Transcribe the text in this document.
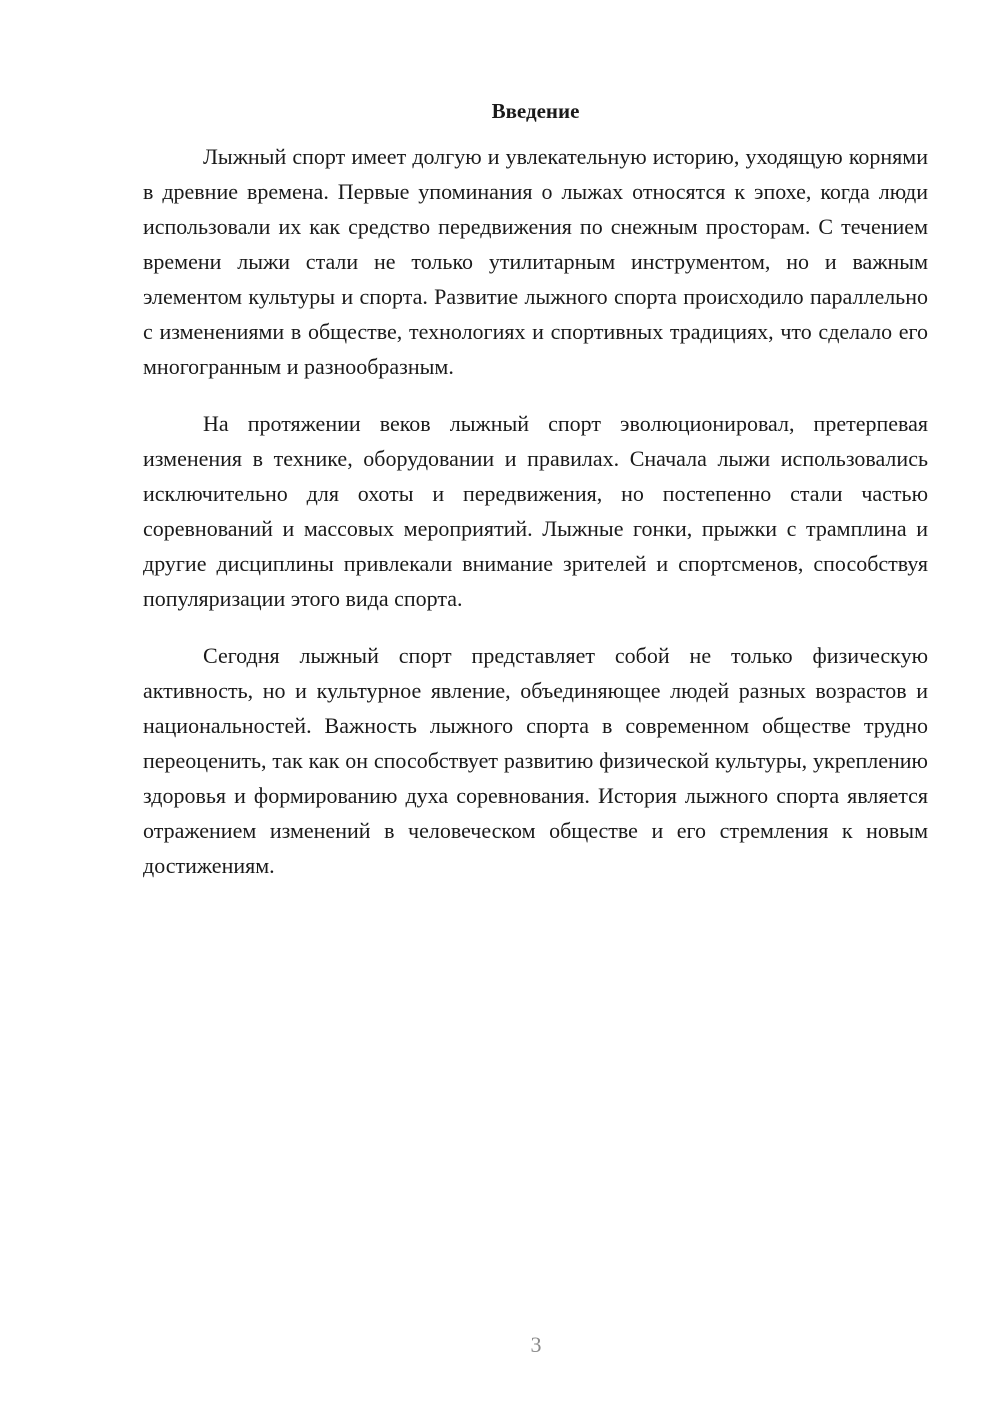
Введение

Лыжный спорт имеет долгую и увлекательную историю, уходящую корнями в древние времена. Первые упоминания о лыжах относятся к эпохе, когда люди использовали их как средство передвижения по снежным просторам. С течением времени лыжи стали не только утилитарным инструментом, но и важным элементом культуры и спорта. Развитие лыжного спорта происходило параллельно с изменениями в обществе, технологиях и спортивных традициях, что сделало его многогранным и разнообразным.

На протяжении веков лыжный спорт эволюционировал, претерпевая изменения в технике, оборудовании и правилах. Сначала лыжи использовались исключительно для охоты и передвижения, но постепенно стали частью соревнований и массовых мероприятий. Лыжные гонки, прыжки с трамплина и другие дисциплины привлекали внимание зрителей и спортсменов, способствуя популяризации этого вида спорта.

Сегодня лыжный спорт представляет собой не только физическую активность, но и культурное явление, объединяющее людей разных возрастов и национальностей. Важность лыжного спорта в современном обществе трудно переоценить, так как он способствует развитию физической культуры, укреплению здоровья и формированию духа соревнования. История лыжного спорта является отражением изменений в человеческом обществе и его стремления к новым достижениям.

3
